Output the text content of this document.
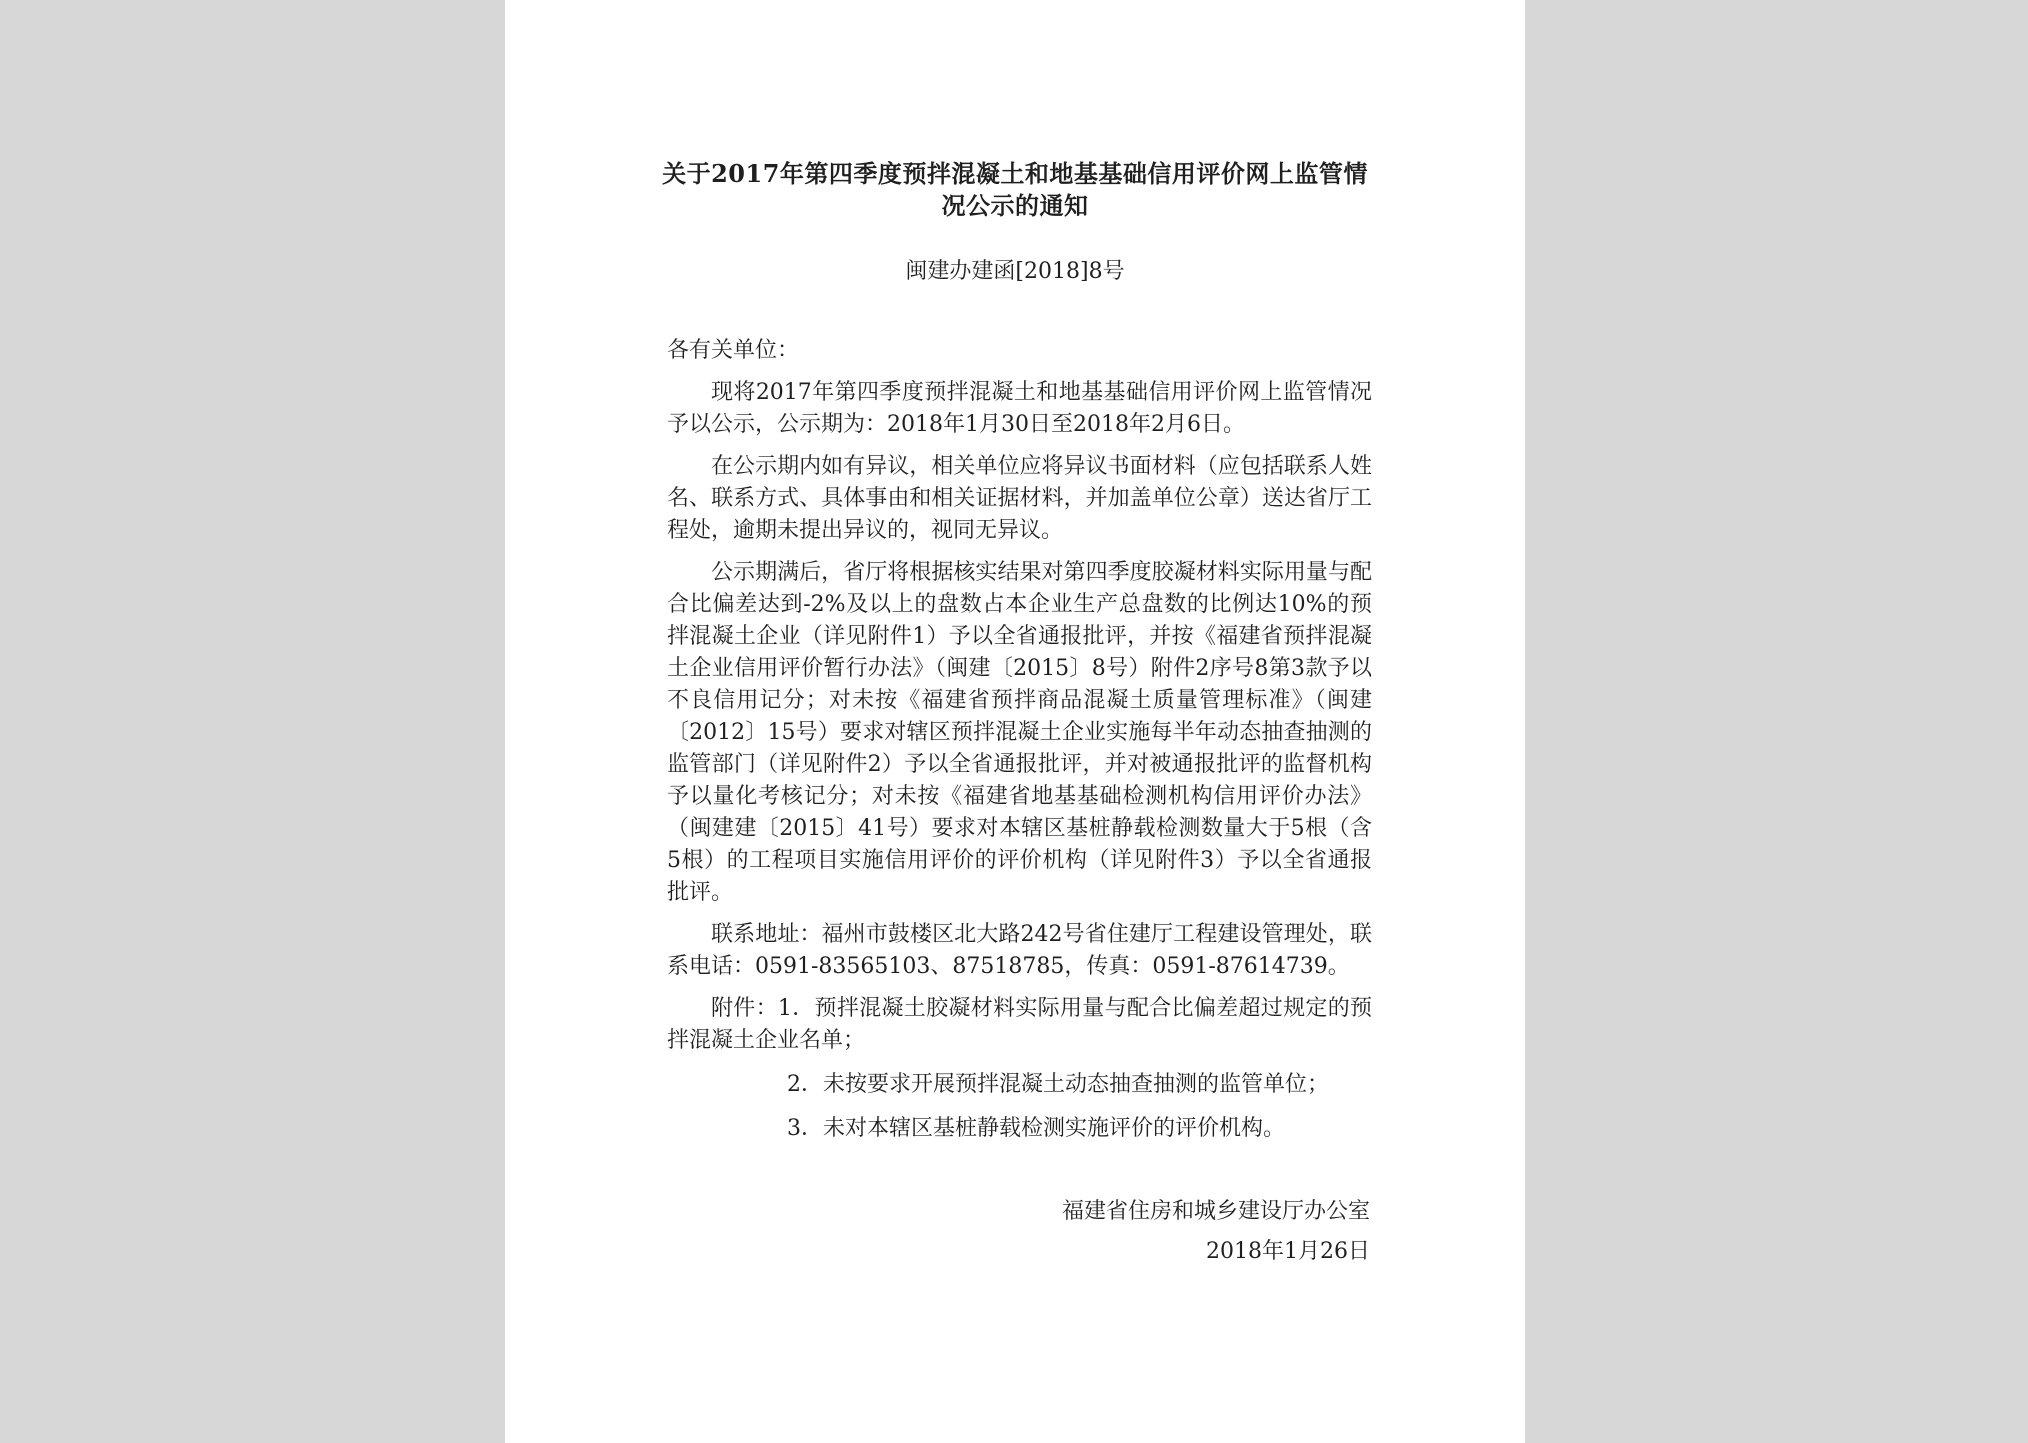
关于2017年第四季度预拌混凝土和地基基础信用评价网上监管情况公示的通知
闽建办建函[2018]8号
各有关单位：
现将2017年第四季度预拌混凝土和地基基础信用评价网上监管情况予以公示，公示期为：2018年1月30日至2018年2月6日。
在公示期内如有异议，相关单位应将异议书面材料（应包括联系人姓名、联系方式、具体事由和相关证据材料，并加盖单位公章）送达省厅工程处，逾期未提出异议的，视同无异议。
公示期满后，省厅将根据核实结果对第四季度胶凝材料实际用量与配合比偏差达到-2%及以上的盘数占本企业生产总盘数的比例达10%的预拌混凝土企业（详见附件1）予以全省通报批评，并按《福建省预拌混凝土企业信用评价暂行办法》（闽建〔2015〕8号）附件2序号8第3款予以不良信用记分；对未按《福建省预拌商品混凝土质量管理标准》（闽建〔2012〕15号）要求对辖区预拌混凝土企业实施每半年动态抽查抽测的监管部门（详见附件2）予以全省通报批评，并对被通报批评的监督机构予以量化考核记分；对未按《福建省地基基础检测机构信用评价办法》（闽建建〔2015〕41号）要求对本辖区基桩静载检测数量大于5根（含5根）的工程项目实施信用评价的评价机构（详见附件3）予以全省通报批评。
联系地址：福州市鼓楼区北大路242号省住建厅工程建设管理处，联系电话：0591-83565103、87518785，传真：0591-87614739。
附件：1．预拌混凝土胶凝材料实际用量与配合比偏差超过规定的预拌混凝土企业名单；
2．未按要求开展预拌混凝土动态抽查抽测的监管单位；
3．未对本辖区基桩静载检测实施评价的评价机构。
福建省住房和城乡建设厅办公室
2018年1月26日
